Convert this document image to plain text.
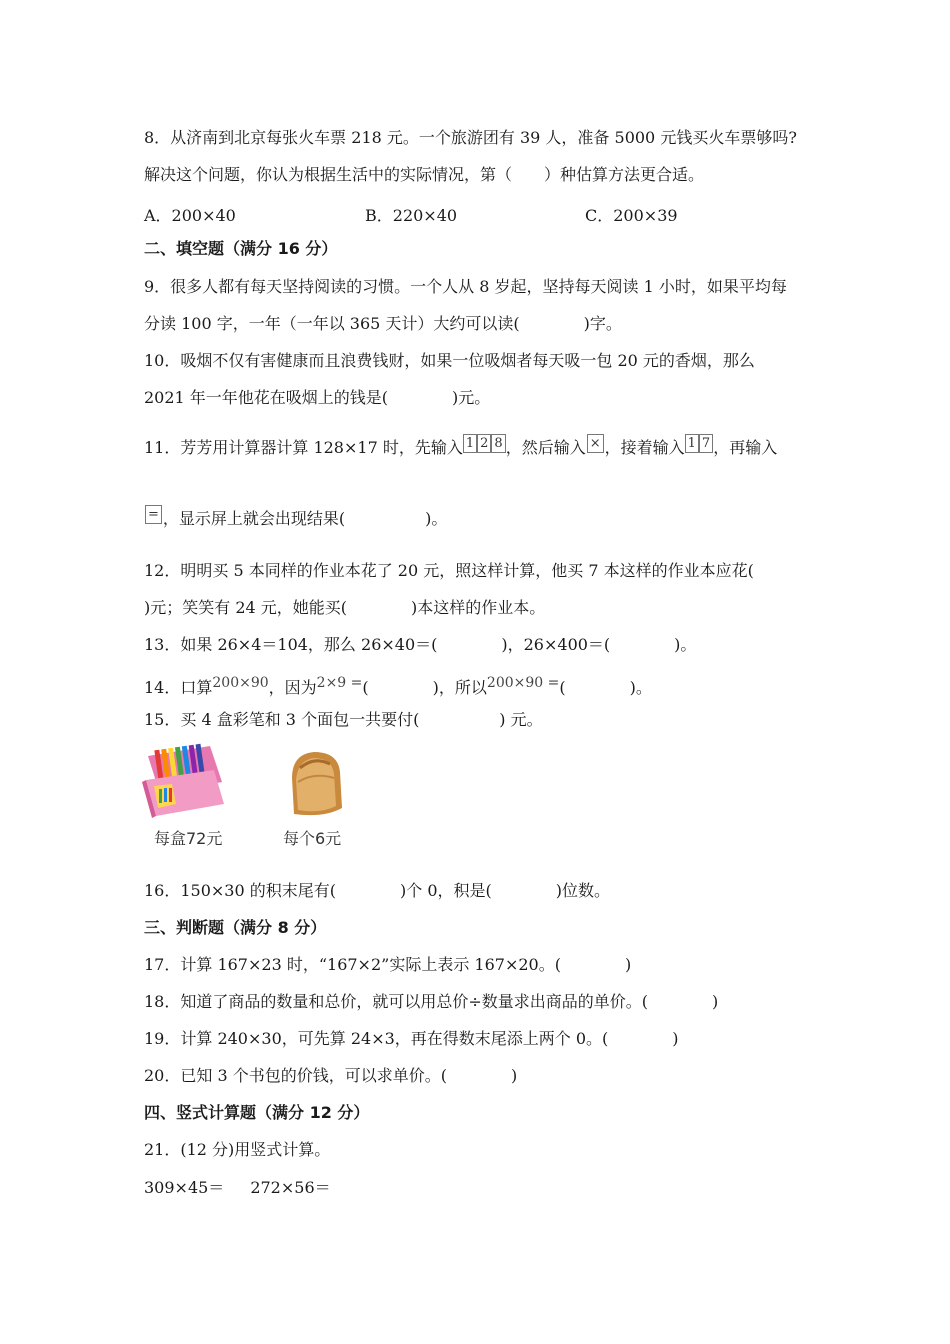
8．从济南到北京每张火车票 218 元。一个旅游团有 39 人，准备 5000 元钱买火车票够吗?
解决这个问题，你认为根据生活中的实际情况，第（　　）种估算方法更合适。
A．200×40	B．220×40	C．200×39
二、填空题（满分 16 分）
9．很多人都有每天坚持阅读的习惯。一个人从 8 岁起，坚持每天阅读 1 小时，如果平均每
分读 100 字，一年（一年以 365 天计）大约可以读(　　　　)字。
10．吸烟不仅有害健康而且浪费钱财，如果一位吸烟者每天吸一包 20 元的香烟，那么
2021 年一年他花在吸烟上的钱是(　　　　)元。
11．芳芳用计算器计算 128×17 时，先输入 1 2 8 ，然后输入 × ，接着输入 1 7 ，再输入
= ，显示屏上就会出现结果(　　　　　)。
12．明明买 5 本同样的作业本花了 20 元，照这样计算，他买 7 本这样的作业本应花(
)元；笑笑有 24 元，她能买(　　　　)本这样的作业本。
13．如果 26×4＝104，那么 26×40＝(　　　　)，26×400＝(　　　　)。
14．口算200×90，因为2×9 =(　　　　)，所以200×90 =(　　　　)。
15．买 4 盒彩笔和 3 个面包一共要付(　　　　　) 元。
每盒72元	每个6元
16．150×30 的积末尾有(　　　　)个 0，积是(　　　　)位数。
三、判断题（满分 8 分）
17．计算 167×23 时，“167×2”实际上表示 167×20。(　　　　)
18．知道了商品的数量和总价，就可以用总价÷数量求出商品的单价。(　　　　)
19．计算 240×30，可先算 24×3，再在得数末尾添上两个 0。(　　　　)
20．已知 3 个书包的价钱，可以求单价。(　　　　)
四、竖式计算题（满分 12 分）
21．(12 分)用竖式计算。
309×45＝ 272×56＝
